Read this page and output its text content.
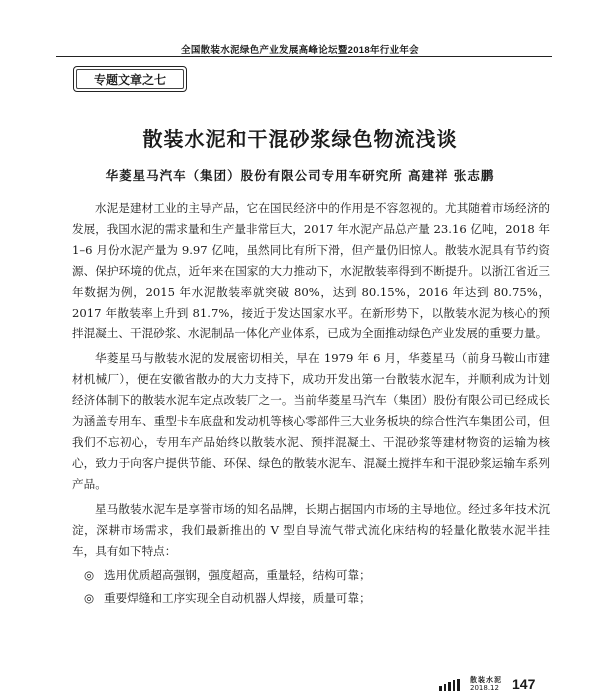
全国散装水泥绿色产业发展高峰论坛暨2018年行业年会
专题文章之七
散装水泥和干混砂浆绿色物流浅谈
华菱星马汽车（集团）股份有限公司专用车研究所 高建祥 张志鹏

水泥是建材工业的主导产品，它在国民经济中的作用是不容忽视的。尤其随着市场经济的发展，我国水泥的需求量和生产量非常巨大，2017 年水泥产品总产量 23.16 亿吨，2018 年 1–6 月份水泥产量为 9.97 亿吨，虽然同比有所下滑，但产量仍旧惊人。散装水泥具有节约资源、保护环境的优点，近年来在国家的大力推动下，水泥散装率得到不断提升。以浙江省近三年数据为例，2015 年水泥散装率就突破 80%，达到 80.15%，2016 年达到 80.75%，2017 年散装率上升到 81.7%，接近于发达国家水平。在新形势下，以散装水泥为核心的预拌混凝土、干混砂浆、水泥制品一体化产业体系，已成为全面推动绿色产业发展的重要力量。

华菱星马与散装水泥的发展密切相关，早在 1979 年 6 月，华菱星马（前身马鞍山市建材机械厂），便在安徽省散办的大力支持下，成功开发出第一台散装水泥车，并顺利成为计划经济体制下的散装水泥车定点改装厂之一。当前华菱星马汽车（集团）股份有限公司已经成长为涵盖专用车、重型卡车底盘和发动机等核心零部件三大业务板块的综合性汽车集团公司，但我们不忘初心，专用车产品始终以散装水泥、预拌混凝土、干混砂浆等建材物资的运输为核心，致力于向客户提供节能、环保、绿色的散装水泥车、混凝土搅拌车和干混砂浆运输车系列产品。

星马散装水泥车是享誉市场的知名品牌，长期占据国内市场的主导地位。经过多年技术沉淀，深耕市场需求，我们最新推出的 V 型自导流气带式流化床结构的轻量化散装水泥半挂车，具有如下特点：

◎ 选用优质超高强钢，强度超高，重量轻，结构可靠；

◎ 重要焊缝和工序实现全自动机器人焊接，质量可靠；

散装水泥
2018.12 147
